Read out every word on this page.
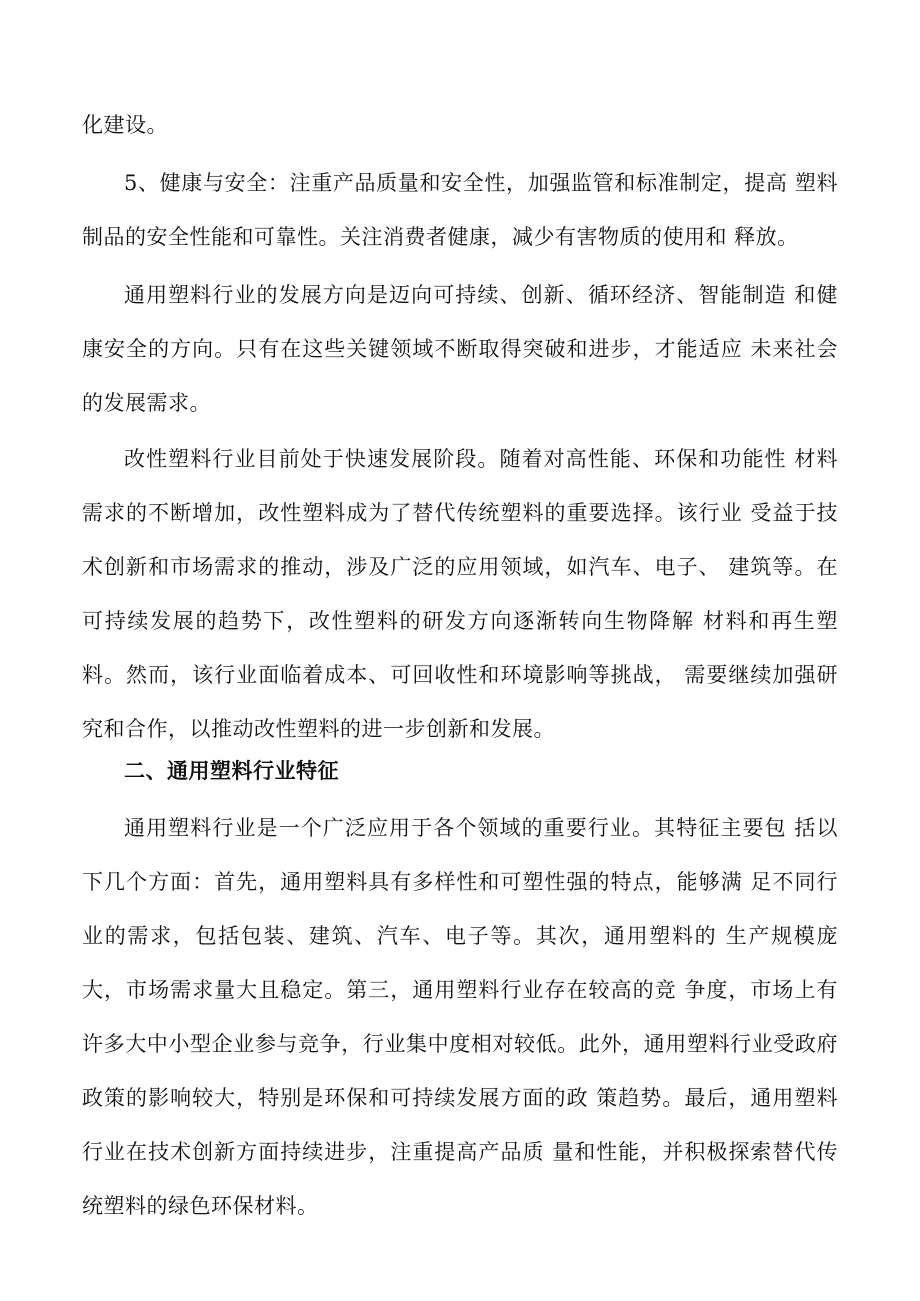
化建设。
5、健康与安全：注重产品质量和安全性，加强监管和标准制定，提高 塑料制品的安全性能和可靠性。关注消费者健康，减少有害物质的使用和 释放。
通用塑料行业的发展方向是迈向可持续、创新、循环经济、智能制造 和健康安全的方向。只有在这些关键领域不断取得突破和进步，才能适应 未来社会的发展需求。
改性塑料行业目前处于快速发展阶段。随着对高性能、环保和功能性 材料需求的不断增加，改性塑料成为了替代传统塑料的重要选择。该行业 受益于技术创新和市场需求的推动，涉及广泛的应用领域，如汽车、电子、 建筑等。在可持续发展的趋势下，改性塑料的研发方向逐渐转向生物降解 材料和再生塑料。然而，该行业面临着成本、可回收性和环境影响等挑战， 需要继续加强研究和合作，以推动改性塑料的进一步创新和发展。
二、通用塑料行业特征
通用塑料行业是一个广泛应用于各个领域的重要行业。其特征主要包 括以下几个方面：首先，通用塑料具有多样性和可塑性强的特点，能够满 足不同行业的需求，包括包装、建筑、汽车、电子等。其次，通用塑料的 生产规模庞大，市场需求量大且稳定。第三，通用塑料行业存在较高的竞 争度，市场上有许多大中小型企业参与竞争，行业集中度相对较低。此外，通用塑料行业受政府政策的影响较大，特别是环保和可持续发展方面的政 策趋势。最后，通用塑料行业在技术创新方面持续进步，注重提高产品质 量和性能，并积极探索替代传统塑料的绿色环保材料。
